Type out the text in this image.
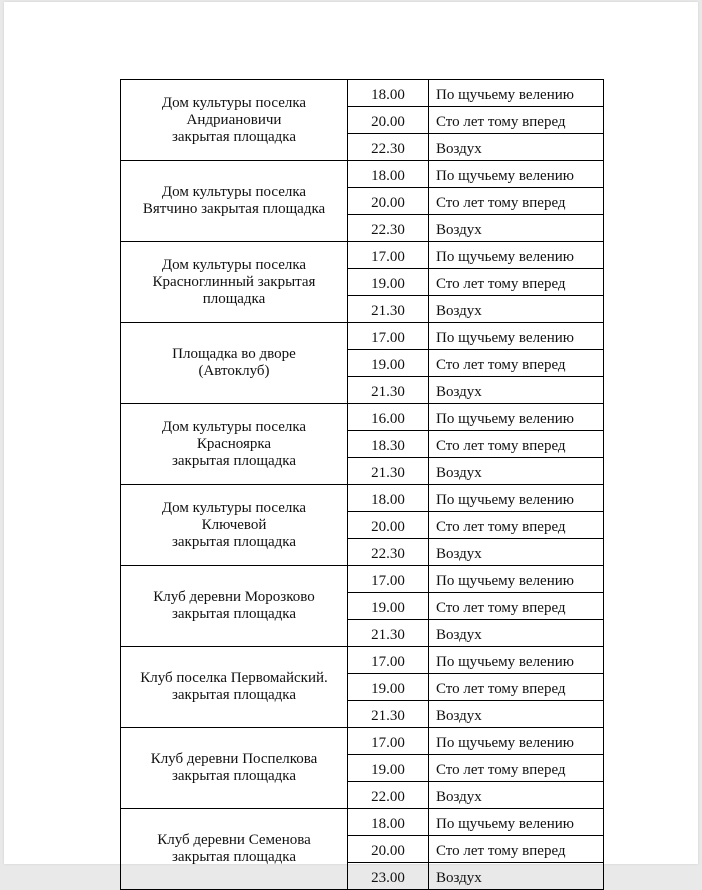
Дом культуры поселка
Андриановичи
закрытая площадка	18.00	По щучьему велению
	20.00	Сто лет тому вперед
	22.30	Воздух

Дом культуры поселка
Вятчино закрытая площадка	18.00	По щучьему велению
	20.00	Сто лет тому вперед
	22.30	Воздух

Дом культуры поселка
Красноглинный закрытая
площадка	17.00	По щучьему велению
	19.00	Сто лет тому вперед
	21.30	Воздух

Площадка во дворе
(Автоклуб)	17.00	По щучьему велению
	19.00	Сто лет тому вперед
	21.30	Воздух

Дом культуры поселка
Красноярка
закрытая площадка	16.00	По щучьему велению
	18.30	Сто лет тому вперед
	21.30	Воздух

Дом культуры поселка
Ключевой
закрытая площадка	18.00	По щучьему велению
	20.00	Сто лет тому вперед
	22.30	Воздух

Клуб деревни Морозково
закрытая площадка	17.00	По щучьему велению
	19.00	Сто лет тому вперед
	21.30	Воздух

Клуб поселка Первомайский.
закрытая площадка	17.00	По щучьему велению
	19.00	Сто лет тому вперед
	21.30	Воздух

Клуб деревни Поспелкова
закрытая площадка	17.00	По щучьему велению
	19.00	Сто лет тому вперед
	22.00	Воздух

Клуб деревни Семенова
закрытая площадка	18.00	По щучьему велению
	20.00	Сто лет тому вперед
	23.00	Воздух
